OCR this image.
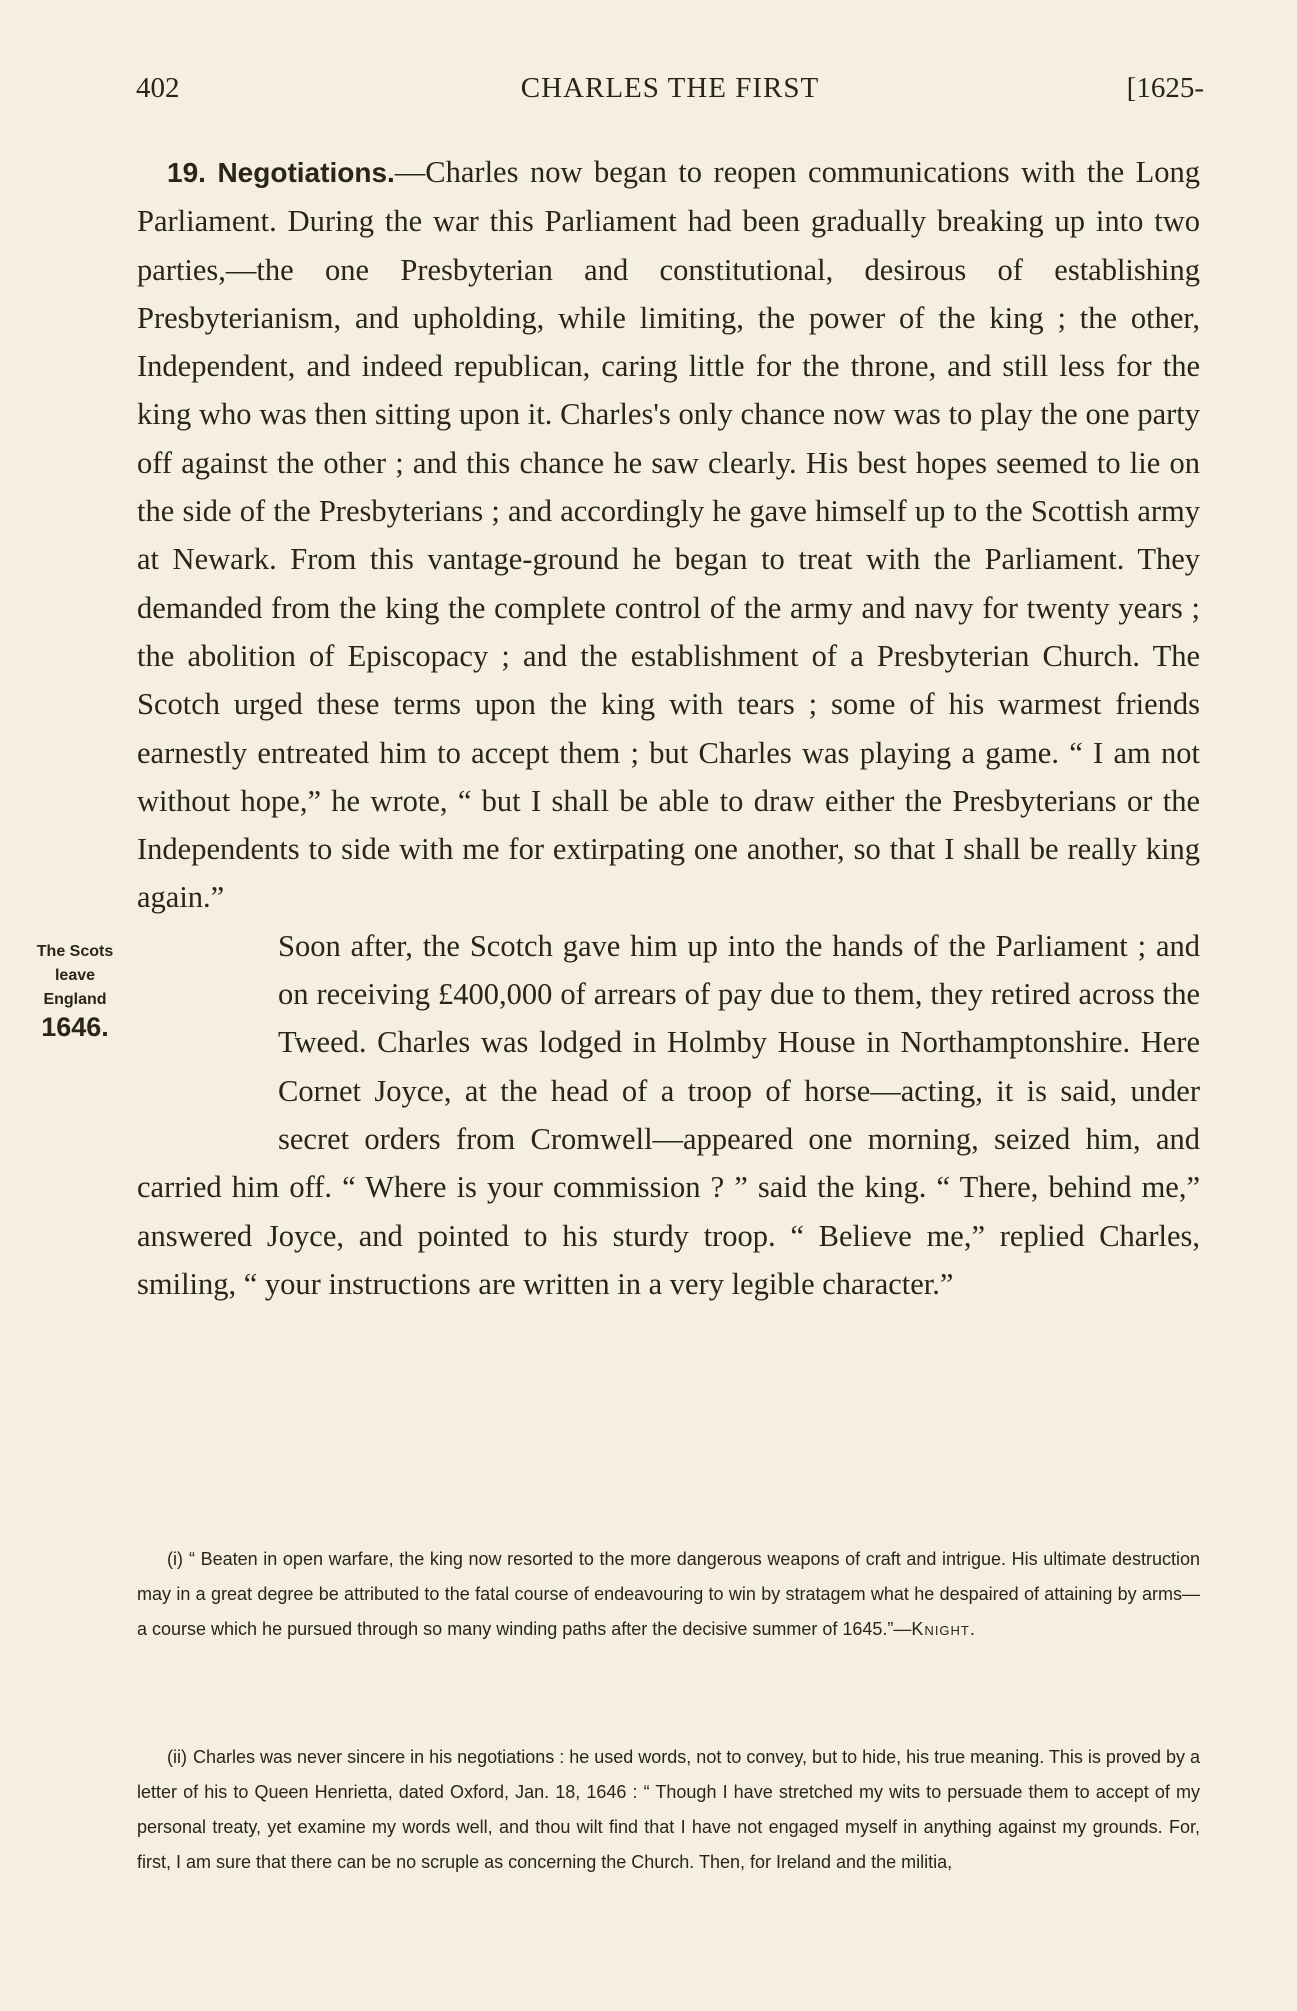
402	CHARLES THE FIRST	[1625-

19. Negotiations.—Charles now began to reopen communications with the Long Parliament. During the war this Parliament had been gradually breaking up into two parties,—the one Presbyterian and constitutional, desirous of establishing Presbyterianism, and upholding, while limiting, the power of the king ; the other, Independent, and indeed republican, caring little for the throne, and still less for the king who was then sitting upon it. Charles's only chance now was to play the one party off against the other ; and this chance he saw clearly. His best hopes seemed to lie on the side of the Presbyterians ; and accordingly he gave himself up to the Scottish army at Newark. From this vantage-ground he began to treat with the Parliament. They demanded from the king the complete control of the army and navy for twenty years ; the abolition of Episcopacy ; and the establishment of a Presbyterian Church. The Scotch urged these terms upon the king with tears ; some of his warmest friends earnestly entreated him to accept them ; but Charles was playing a game. “ I am not without hope,” he wrote, “ but I shall be able to draw either the Presbyterians or the Independents to side with me for extirpating one another, so that I shall be really king again.”

The Scots
leave
England
1646.
Soon after, the Scotch gave him up into the hands of the Parliament ; and on receiving £400,000 of arrears of pay due to them, they retired across the Tweed. Charles was lodged in Holmby House in Northamptonshire. Here Cornet Joyce, at the head of a troop of horse—acting, it is said, under secret orders from Cromwell—appeared one morning, seized him, and carried him off. “ Where is your commission ? ” said the king. “ There, behind me,” answered Joyce, and pointed to his sturdy troop. “ Believe me,” replied Charles, smiling, “ your instructions are written in a very legible character.”

(i) “ Beaten in open warfare, the king now resorted to the more dangerous weapons of craft and intrigue. His ultimate destruction may in a great degree be attributed to the fatal course of endeavouring to win by stratagem what he despaired of attaining by arms—a course which he pursued through so many winding paths after the decisive summer of 1645.”—Knight.

(ii) Charles was never sincere in his negotiations : he used words, not to convey, but to hide, his true meaning. This is proved by a letter of his to Queen Henrietta, dated Oxford, Jan. 18, 1646 : “ Though I have stretched my wits to persuade them to accept of my personal treaty, yet examine my words well, and thou wilt find that I have not engaged myself in anything against my grounds. For, first, I am sure that there can be no scruple as concerning the Church. Then, for Ireland and the militia,
